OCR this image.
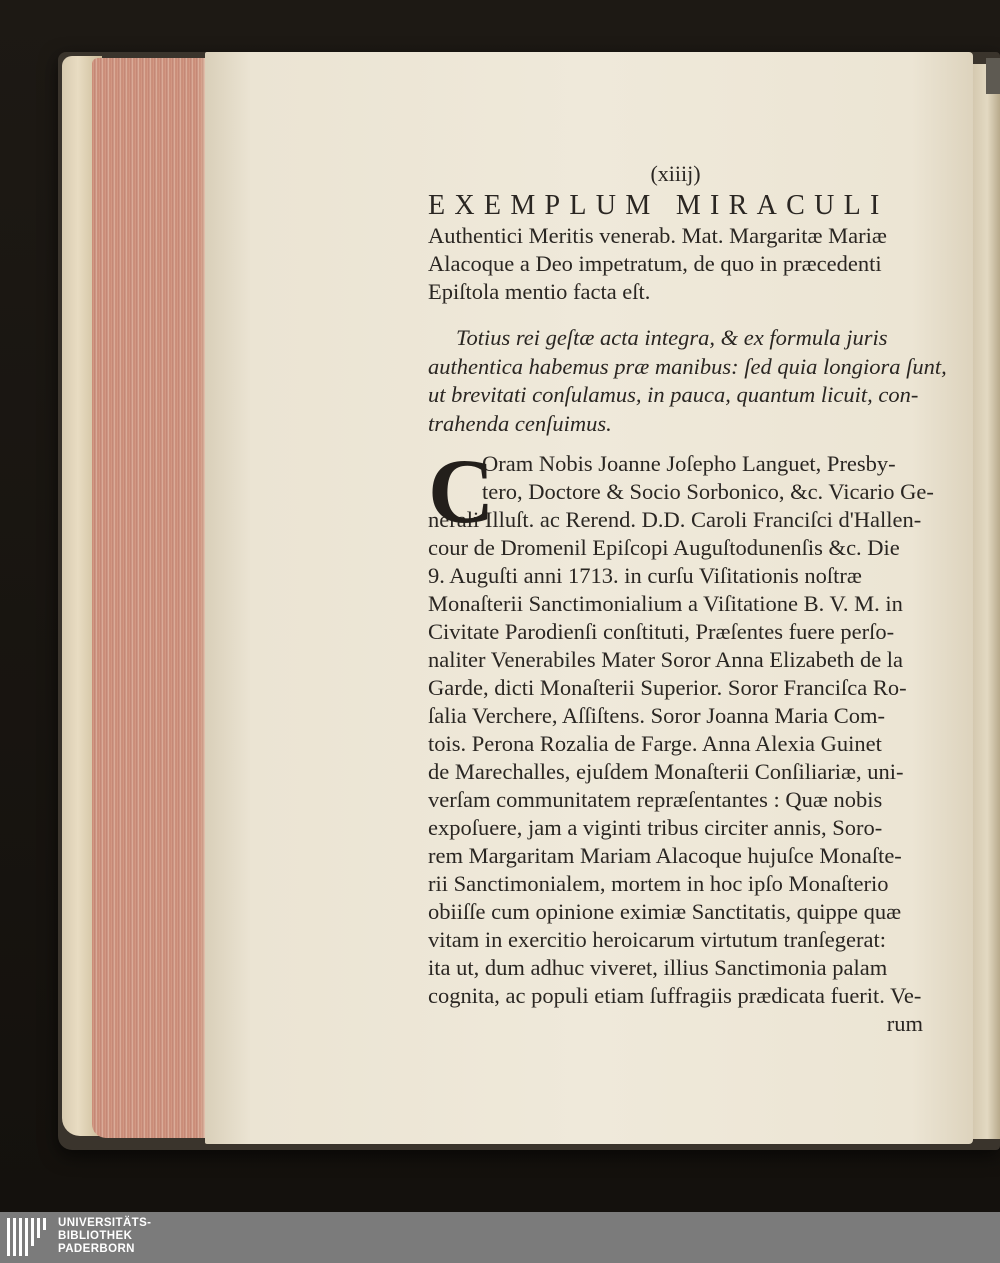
(xiiij)
EXEMPLUM MIRACULI
Authentici Meritis venerab. Mat. Margaritæ Mariæ
Alacoque a Deo impetratum, de quo in præcedenti
Epiſtola mentio facta eſt.
Totius rei geſtæ acta integra, & ex formula juris
authentica habemus præ manibus: ſed quia longiora ſunt,
ut brevitati conſulamus, in pauca, quantum licuit, con-
trahenda cenſuimus.
C
Oram Nobis Joanne Joſepho Languet, Presby-
tero, Doctore & Socio Sorbonico, &c. Vicario Ge-
nerali Illuſt. ac Rerend. D.D. Caroli Franciſci d'Hallen-
cour de Dromenil Epiſcopi Auguſtodunenſis &c. Die
9. Auguſti anni 1713. in curſu Viſitationis noſtræ
Monaſterii Sanctimonialium a Viſitatione B. V. M. in
Civitate Parodienſi conſtituti, Præſentes fuere perſo-
naliter Venerabiles Mater Soror Anna Elizabeth de la
Garde, dicti Monaſterii Superior. Soror Franciſca Ro-
ſalia Verchere, Aſſiſtens. Soror Joanna Maria Com-
tois. Perona Rozalia de Farge. Anna Alexia Guinet
de Marechalles, ejuſdem Monaſterii Conſiliariæ, uni-
verſam communitatem repræſentantes : Quæ nobis
expoſuere, jam a viginti tribus circiter annis, Soro-
rem Margaritam Mariam Alacoque hujuſce Monaſte-
rii Sanctimonialem, mortem in hoc ipſo Monaſterio
obiiſſe cum opinione eximiæ Sanctitatis, quippe quæ
vitam in exercitio heroicarum virtutum tranſegerat:
ita ut, dum adhuc viveret, illius Sanctimonia palam
cognita, ac populi etiam ſuffragiis prædicata fuerit. Ve-
rum
UNIVERSITÄTS-
BIBLIOTHEK
PADERBORN
